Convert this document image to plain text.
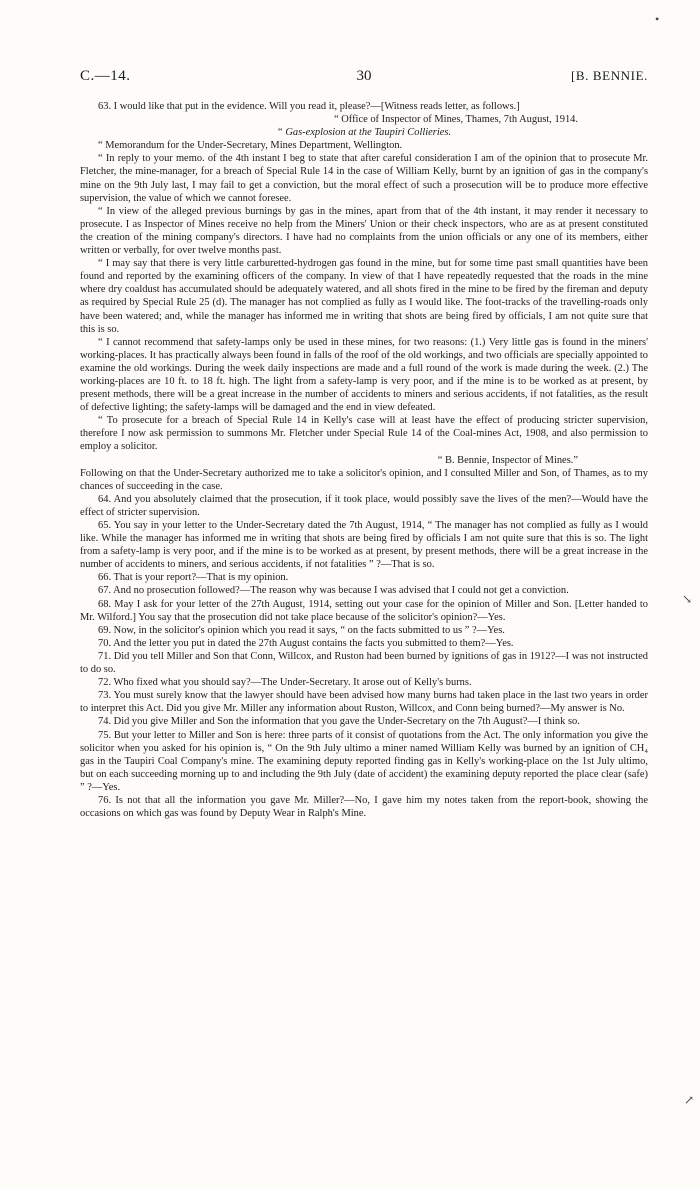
C.—14.	30	[B. BENNIE.

63. I would like that put in the evidence. Will you read it, please?—[Witness reads letter, as follows.]

“ Office of Inspector of Mines, Thames, 7th August, 1914.

“ Gas-explosion at the Taupiri Collieries.

“ Memorandum for the Under-Secretary, Mines Department, Wellington.

“ In reply to your memo. of the 4th instant I beg to state that after careful consideration I am of the opinion that to prosecute Mr. Fletcher, the mine-manager, for a breach of Special Rule 14 in the case of William Kelly, burnt by an ignition of gas in the company's mine on the 9th July last, I may fail to get a conviction, but the moral effect of such a prosecution will be to produce more effective supervision, the value of which we cannot foresee.

“ In view of the alleged previous burnings by gas in the mines, apart from that of the 4th instant, it may render it necessary to prosecute. I as Inspector of Mines receive no help from the Miners' Union or their check inspectors, who are as at present constituted the creation of the mining company's directors. I have had no complaints from the union officials or any one of its members, either written or verbally, for over twelve months past.

“ I may say that there is very little carburetted-hydrogen gas found in the mine, but for some time past small quantities have been found and reported by the examining officers of the company. In view of that I have repeatedly requested that the roads in the mine where dry coaldust has accumulated should be adequately watered, and all shots fired in the mine to be fired by the fireman and deputy as required by Special Rule 25 (d). The manager has not complied as fully as I would like. The foot-tracks of the travelling-roads only have been watered; and, while the manager has informed me in writing that shots are being fired by officials, I am not quite sure that this is so.

“ I cannot recommend that safety-lamps only be used in these mines, for two reasons: (1.) Very little gas is found in the miners' working-places. It has practically always been found in falls of the roof of the old workings, and two officials are specially appointed to examine the old workings. During the week daily inspections are made and a full round of the work is made during the week. (2.) The working-places are 10 ft. to 18 ft. high. The light from a safety-lamp is very poor, and if the mine is to be worked as at present, by present methods, there will be a great increase in the number of accidents to miners and serious accidents, if not fatalities, as the result of defective lighting; the safety-lamps will be damaged and the end in view defeated.

“ To prosecute for a breach of Special Rule 14 in Kelly's case will at least have the effect of producing stricter supervision, therefore I now ask permission to summons Mr. Fletcher under Special Rule 14 of the Coal-mines Act, 1908, and also permission to employ a solicitor.

“ B. Bennie, Inspector of Mines.”

Following on that the Under-Secretary authorized me to take a solicitor's opinion, and I consulted Miller and Son, of Thames, as to my chances of succeeding in the case.

64. And you absolutely claimed that the prosecution, if it took place, would possibly save the lives of the men?—Would have the effect of stricter supervision.

65. You say in your letter to the Under-Secretary dated the 7th August, 1914, “ The manager has not complied as fully as I would like. While the manager has informed me in writing that shots are being fired by officials I am not quite sure that this is so. The light from a safety-lamp is very poor, and if the mine is to be worked as at present, by present methods, there will be a great increase in the number of accidents to miners, and serious accidents, if not fatalities ” ?—That is so.

66. That is your report?—That is my opinion.

67. And no prosecution followed?—The reason why was because I was advised that I could not get a conviction.

68. May I ask for your letter of the 27th August, 1914, setting out your case for the opinion of Miller and Son. [Letter handed to Mr. Wilford.] You say that the prosecution did not take place because of the solicitor's opinion?—Yes.

69. Now, in the solicitor's opinion which you read it says, “ on the facts submitted to us ” ?—Yes.

70. And the letter you put in dated the 27th August contains the facts you submitted to them?—Yes.

71. Did you tell Miller and Son that Conn, Willcox, and Ruston had been burned by ignitions of gas in 1912?—I was not instructed to do so.

72. Who fixed what you should say?—The Under-Secretary. It arose out of Kelly's burns.

73. You must surely know that the lawyer should have been advised how many burns had taken place in the last two years in order to interpret this Act. Did you give Mr. Miller any information about Ruston, Willcox, and Conn being burned?—My answer is No.

74. Did you give Miller and Son the information that you gave the Under-Secretary on the 7th August?—I think so.

75. But your letter to Miller and Son is here: three parts of it consist of quotations from the Act. The only information you give the solicitor when you asked for his opinion is, “ On the 9th July ultimo a miner named William Kelly was burned by an ignition of CH₄ gas in the Taupiri Coal Company's mine. The examining deputy reported finding gas in Kelly's working-place on the 1st July ultimo, but on each succeeding morning up to and including the 9th July (date of accident) the examining deputy reported the place clear (safe) ” ?—Yes.

76. Is not that all the information you gave Mr. Miller?—No, I gave him my notes taken from the report-book, showing the occasions on which gas was found by Deputy Wear in Ralph's Mine.

•
↘
↗
